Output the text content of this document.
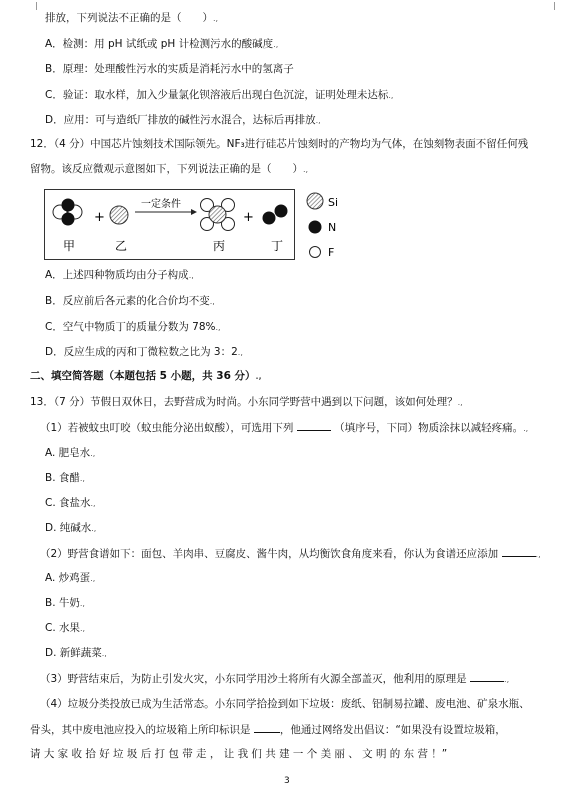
排放，下列说法不正确的是（　　）.,
A．检测：用 pH 试纸或 pH 计检测污水的酸碱度.,
B．原理：处理酸性污水的实质是消耗污水中的氢离子
C．验证：取水样，加入少量氯化钡溶液后出现白色沉淀，证明处理未达标.,
D．应用：可与造纸厂排放的碱性污水混合，达标后再排放.,
12．（4 分）中国芯片蚀刻技术国际领先。NF₃进行硅芯片蚀刻时的产物均为气体，在蚀刻物表面不留任何残
留物。该反应微观示意图如下，下列说法正确的是（　　）.,
+
一定条件
+
甲	乙	丙	丁
Si
N
F
A．上述四种物质均由分子构成.,
B．反应前后各元素的化合价均不变.,
C．空气中物质丁的质量分数为 78%.,
D．反应生成的丙和丁微粒数之比为 3：2.,
二、填空简答题（本题包括 5 小题，共 36 分）.,
13．（7 分）节假日双休日，去野营成为时尚。小东同学野营中遇到以下问题，该如何处理？.,
（1）若被蚊虫叮咬（蚊虫能分泌出蚁酸），可选用下列	（填序号，下同）物质涂抹以减轻疼痛。.,
A. 肥皂水.,
B. 食醋.,
C. 食盐水.,
D. 纯碱水.,
（2）野营食谱如下：面包、羊肉串、豆腐皮、酱牛肉，从均衡饮食角度来看，你认为食谱还应添加	.,
A. 炒鸡蛋.,
B. 牛奶.,
C. 水果.,
D. 新鲜蔬菜.,
（3）野营结束后，为防止引发火灾，小东同学用沙土将所有火源全部盖灭，他利用的原理是	.,
（4）垃圾分类投放已成为生活常态。小东同学拾捡到如下垃圾：废纸、铝制易拉罐、废电池、矿泉水瓶、
骨头，其中废电池应投入的垃圾箱上所印标识是	，他通过网络发出倡议：“如果没有设置垃圾箱，
请 大 家 收 拾 好 垃 圾 后 打 包 带 走 ， 让 我 们 共 建 一 个 美 丽 、 文 明 的 东 营 ！”
3
